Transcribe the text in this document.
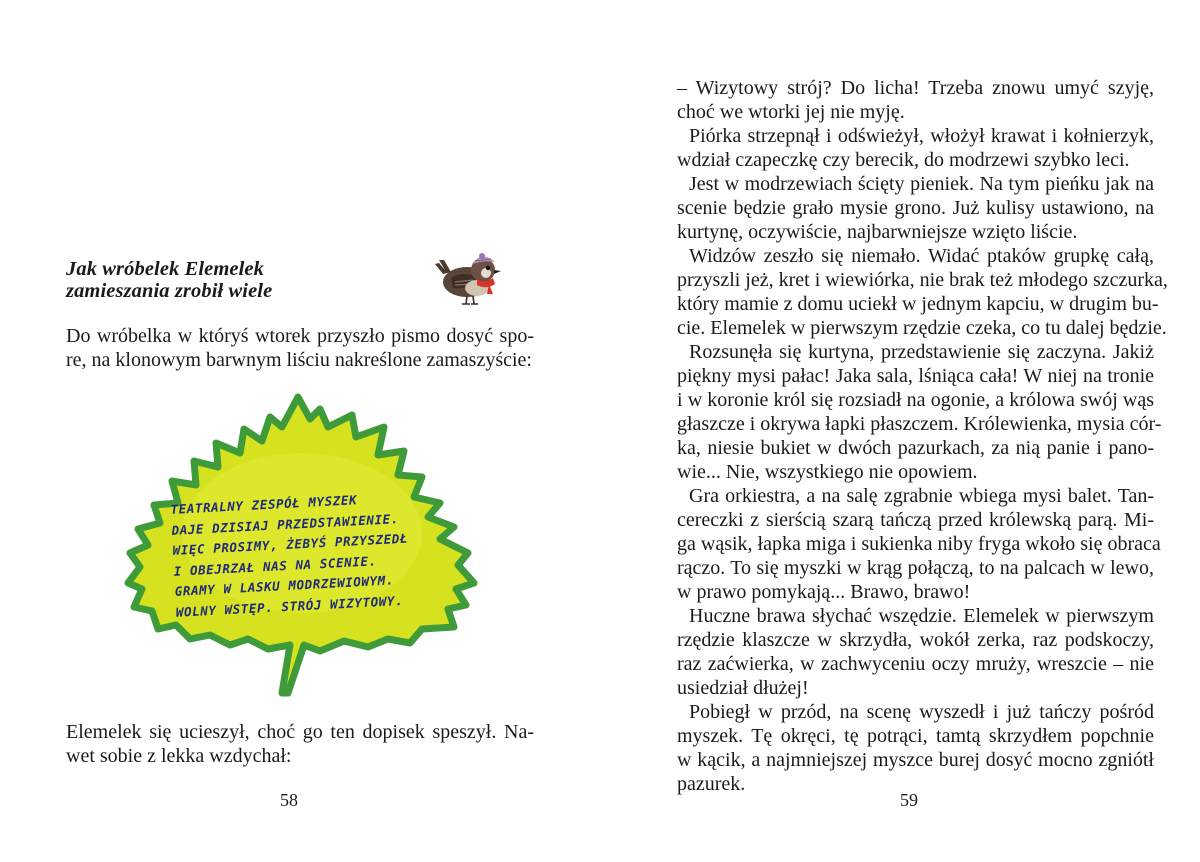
Jak wróbelek Elemelek
zamieszania zrobił wiele

Do wróbelka w któryś wtorek przyszło pismo dosyć spo-
re, na klonowym barwnym liściu nakreślone zamaszyście:

TEATRALNY ZESPÓŁ MYSZEK
DAJE DZISIAJ PRZEDSTAWIENIE.
WIĘC PROSIMY, ŻEBYŚ PRZYSZEDŁ
I OBEJRZAŁ NAS NA SCENIE.
GRAMY W LASKU MODRZEWIOWYM.
WOLNY WSTĘP. STRÓJ WIZYTOWY.

Elemelek się ucieszył, choć go ten dopisek speszył. Na-
wet sobie z lekka wzdychał:

58

– Wizytowy strój? Do licha! Trzeba znowu umyć szyję,
choć we wtorki jej nie myję.
Piórka strzepnął i odświeżył, włożył krawat i kołnierzyk,
wdział czapeczkę czy berecik, do modrzewi szybko leci.
Jest w modrzewiach ścięty pieniek. Na tym pieńku jak na
scenie będzie grało mysie grono. Już kulisy ustawiono, na
kurtynę, oczywiście, najbarwniejsze wzięto liście.
Widzów zeszło się niemało. Widać ptaków grupkę całą,
przyszli jeż, kret i wiewiórka, nie brak też młodego szczurka,
który mamie z domu uciekł w jednym kapciu, w drugim bu-
cie. Elemelek w pierwszym rzędzie czeka, co tu dalej będzie.
Rozsunęła się kurtyna, przedstawienie się zaczyna. Jakiż
piękny mysi pałac! Jaka sala, lśniąca cała! W niej na tronie
i w koronie król się rozsiadł na ogonie, a królowa swój wąs
głaszcze i okrywa łapki płaszczem. Królewienka, mysia cór-
ka, niesie bukiet w dwóch pazurkach, za nią panie i pano-
wie... Nie, wszystkiego nie opowiem.
Gra orkiestra, a na salę zgrabnie wbiega mysi balet. Tan-
cereczki z sierścią szarą tańczą przed królewską parą. Mi-
ga wąsik, łapka miga i sukienka niby fryga wkoło się obraca
rączo. To się myszki w krąg połączą, to na palcach w lewo,
w prawo pomykają... Brawo, brawo!
Huczne brawa słychać wszędzie. Elemelek w pierwszym
rzędzie klaszcze w skrzydła, wokół zerka, raz podskoczy,
raz zaćwierka, w zachwyceniu oczy mruży, wreszcie – nie
usiedział dłużej!
Pobiegł w przód, na scenę wyszedł i już tańczy pośród
myszek. Tę okręci, tę potrąci, tamtą skrzydłem popchnie
w kącik, a najmniejszej myszce burej dosyć mocno zgniótł
pazurek.

59
